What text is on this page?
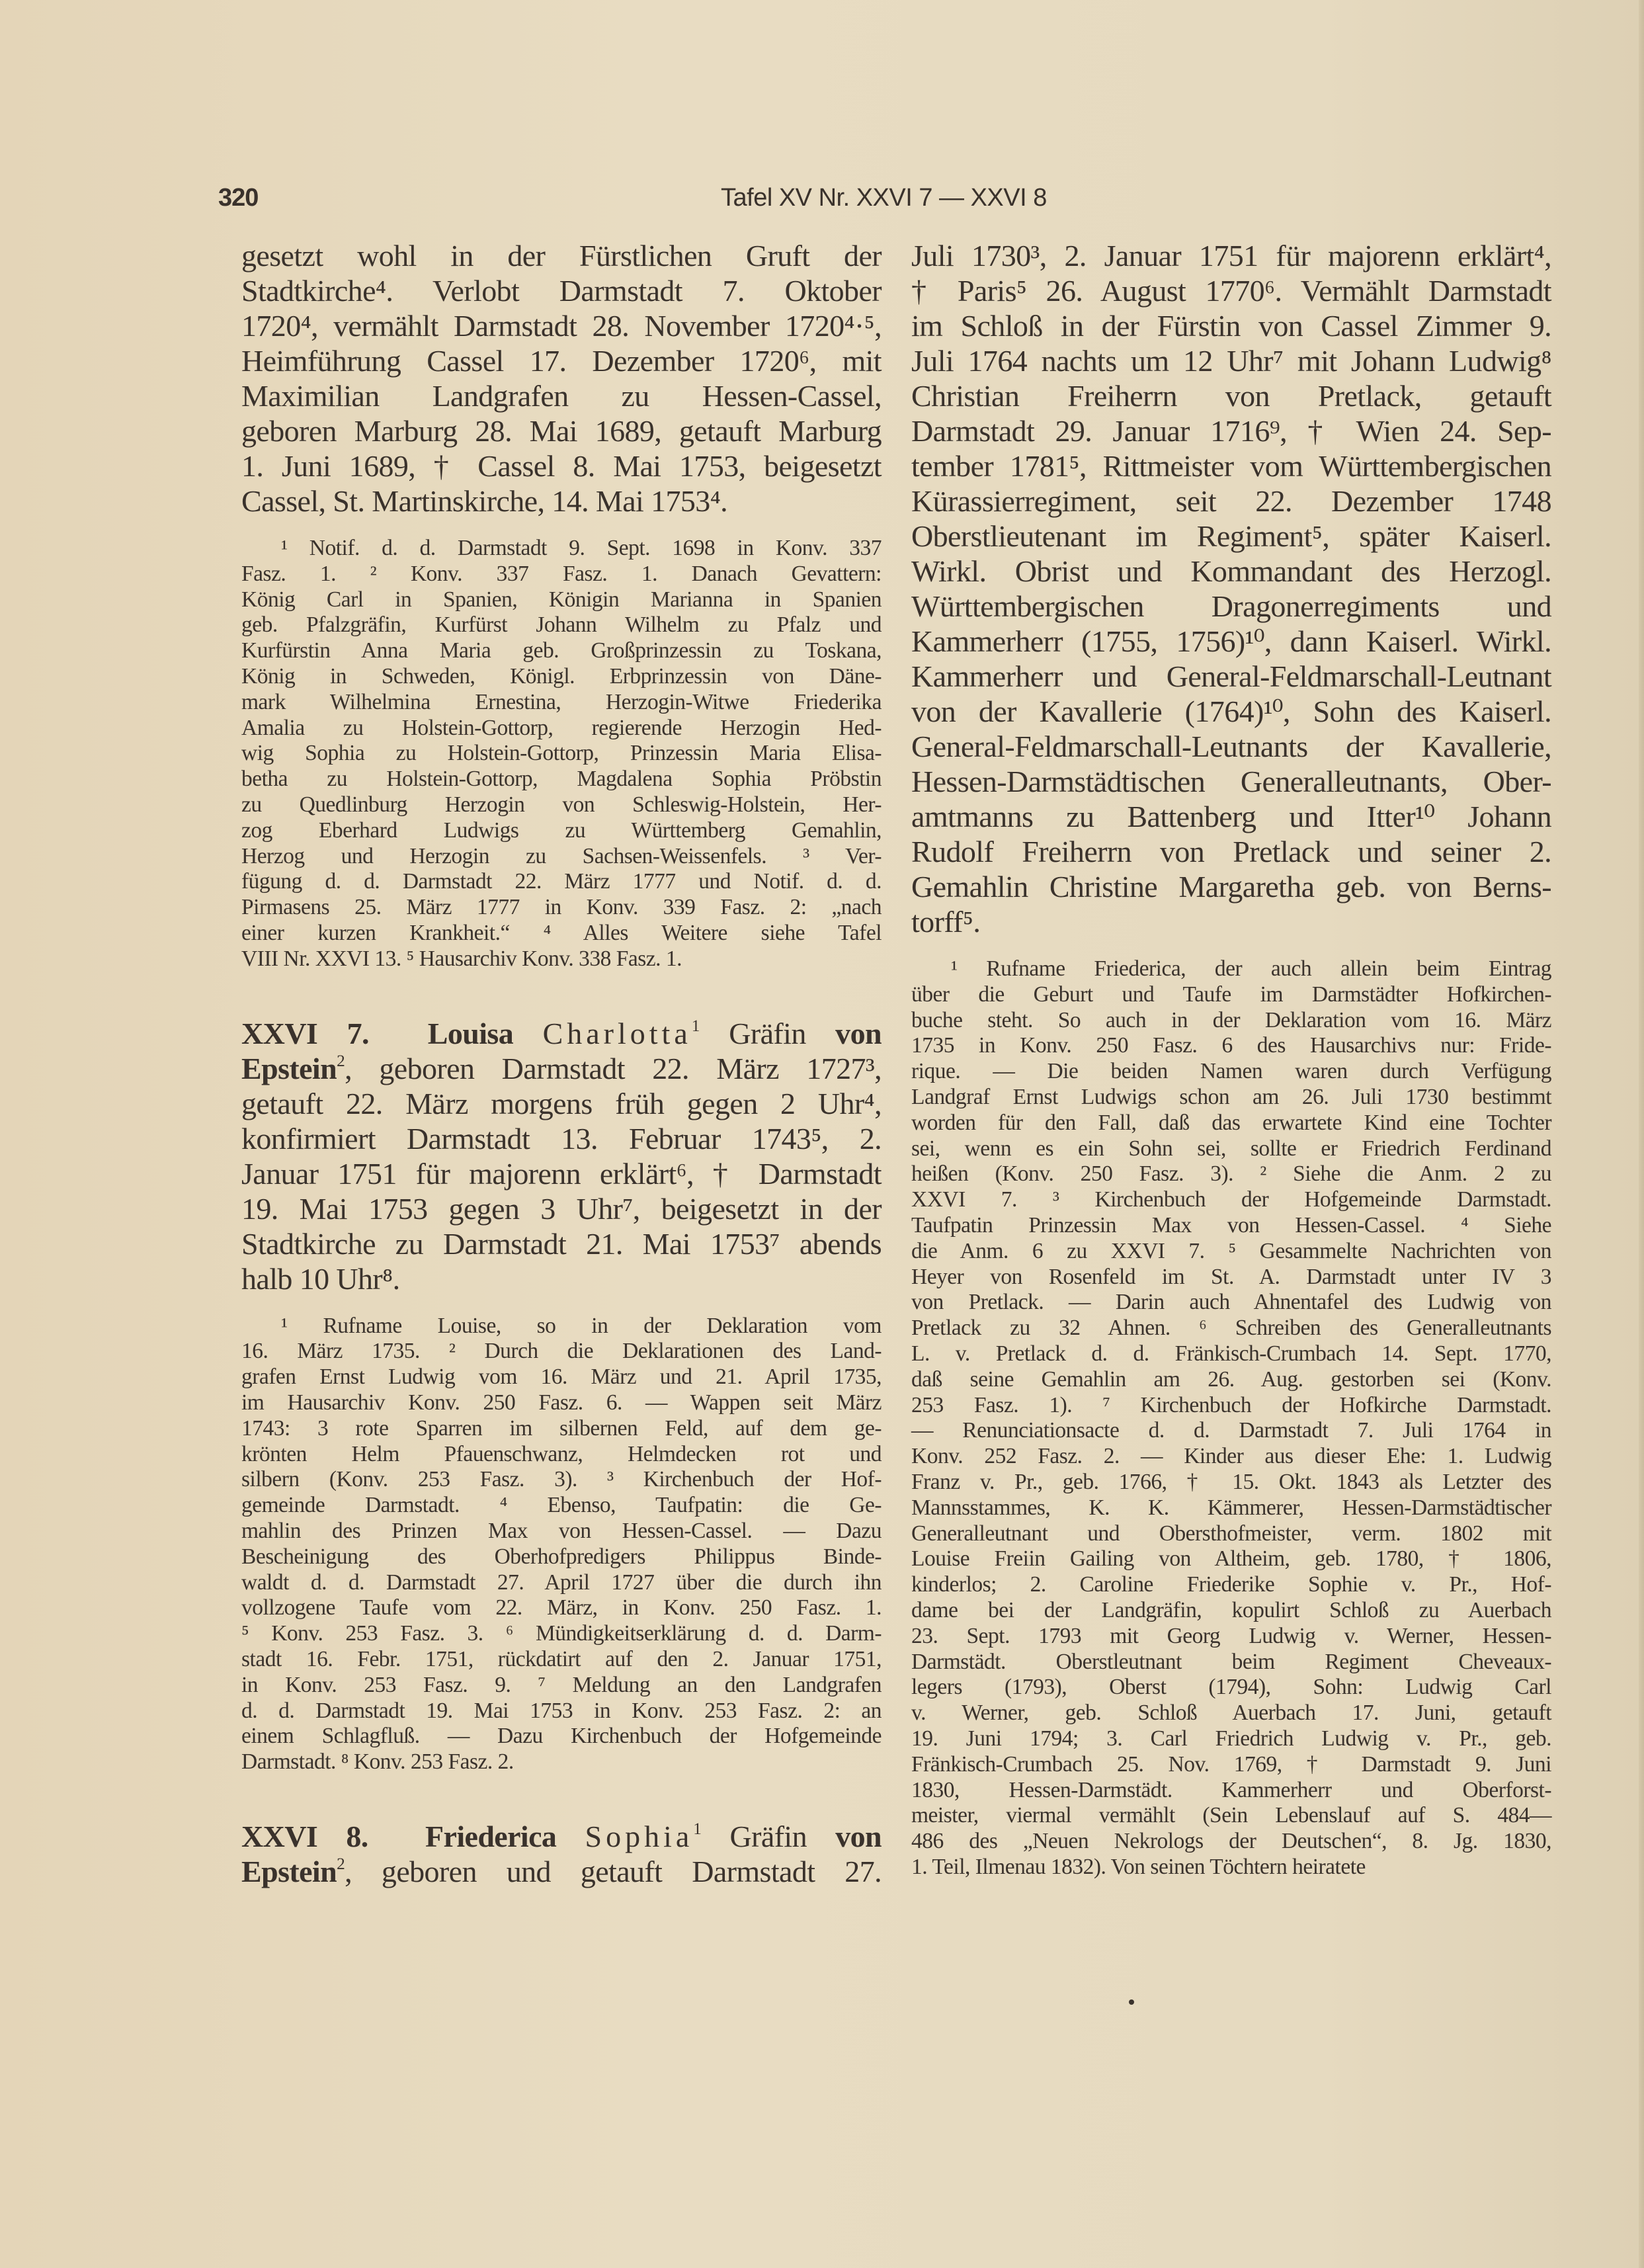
320	Tafel XV Nr. XXVI 7 — XXVI 8
gesetzt wohl in der Fürstlichen Gruft der
Stadtkirche⁴. Verlobt Darmstadt 7. Oktober
1720⁴, vermählt Darmstadt 28. November 1720⁴·⁵,
Heimführung Cassel 17. Dezember 1720⁶, mit
Maximilian Landgrafen zu Hessen-Cassel,
geboren Marburg 28. Mai 1689, getauft Marburg
1. Juni 1689, † Cassel 8. Mai 1753, beigesetzt
Cassel, St. Martinskirche, 14. Mai 1753⁴.
¹ Notif. d. d. Darmstadt 9. Sept. 1698 in Konv. 337
Fasz. 1. ² Konv. 337 Fasz. 1. Danach Gevattern:
König Carl in Spanien, Königin Marianna in Spanien
geb. Pfalzgräfin, Kurfürst Johann Wilhelm zu Pfalz und
Kurfürstin Anna Maria geb. Großprinzessin zu Toskana,
König in Schweden, Königl. Erbprinzessin von Däne-
mark Wilhelmina Ernestina, Herzogin-Witwe Friederika
Amalia zu Holstein-Gottorp, regierende Herzogin Hed-
wig Sophia zu Holstein-Gottorp, Prinzessin Maria Elisa-
betha zu Holstein-Gottorp, Magdalena Sophia Pröbstin
zu Quedlinburg Herzogin von Schleswig-Holstein, Her-
zog Eberhard Ludwigs zu Württemberg Gemahlin,
Herzog und Herzogin zu Sachsen-Weissenfels. ³ Ver-
fügung d. d. Darmstadt 22. März 1777 und Notif. d. d.
Pirmasens 25. März 1777 in Konv. 339 Fasz. 2: „nach
einer kurzen Krankheit.“ ⁴ Alles Weitere siehe Tafel
VIII Nr. XXVI 13. ⁵ Hausarchiv Konv. 338 Fasz. 1.
XXVI 7. Louisa Charlotta$^1$ Gräfin von
Epstein$^2$, geboren Darmstadt 22. März 1727³,
getauft 22. März morgens früh gegen 2 Uhr⁴,
konfirmiert Darmstadt 13. Februar 1743⁵, 2.
Januar 1751 für majorenn erklärt⁶, † Darmstadt
19. Mai 1753 gegen 3 Uhr⁷, beigesetzt in der
Stadtkirche zu Darmstadt 21. Mai 1753⁷ abends
halb 10 Uhr⁸.
¹ Rufname Louise, so in der Deklaration vom
16. März 1735. ² Durch die Deklarationen des Land-
grafen Ernst Ludwig vom 16. März und 21. April 1735,
im Hausarchiv Konv. 250 Fasz. 6. — Wappen seit März
1743: 3 rote Sparren im silbernen Feld, auf dem ge-
krönten Helm Pfauenschwanz, Helmdecken rot und
silbern (Konv. 253 Fasz. 3). ³ Kirchenbuch der Hof-
gemeinde Darmstadt. ⁴ Ebenso, Taufpatin: die Ge-
mahlin des Prinzen Max von Hessen-Cassel. — Dazu
Bescheinigung des Oberhofpredigers Philippus Binde-
waldt d. d. Darmstadt 27. April 1727 über die durch ihn
vollzogene Taufe vom 22. März, in Konv. 250 Fasz. 1.
⁵ Konv. 253 Fasz. 3. ⁶ Mündigkeitserklärung d. d. Darm-
stadt 16. Febr. 1751, rückdatirt auf den 2. Januar 1751,
in Konv. 253 Fasz. 9. ⁷ Meldung an den Landgrafen
d. d. Darmstadt 19. Mai 1753 in Konv. 253 Fasz. 2: an
einem Schlagfluß. — Dazu Kirchenbuch der Hofgemeinde
Darmstadt. ⁸ Konv. 253 Fasz. 2.
XXVI 8. Friederica Sophia$^1$ Gräfin von
Epstein$^2$, geboren und getauft Darmstadt 27.
Juli 1730³, 2. Januar 1751 für majorenn erklärt⁴,
† Paris⁵ 26. August 1770⁶. Vermählt Darmstadt
im Schloß in der Fürstin von Cassel Zimmer 9.
Juli 1764 nachts um 12 Uhr⁷ mit Johann Ludwig⁸
Christian Freiherrn von Pretlack, getauft
Darmstadt 29. Januar 1716⁹, † Wien 24. Sep-
tember 1781⁵, Rittmeister vom Württembergischen
Kürassierregiment, seit 22. Dezember 1748
Oberstlieutenant im Regiment⁵, später Kaiserl.
Wirkl. Obrist und Kommandant des Herzogl.
Württembergischen Dragonerregiments und
Kammerherr (1755, 1756)¹⁰, dann Kaiserl. Wirkl.
Kammerherr und General-Feldmarschall-Leutnant
von der Kavallerie (1764)¹⁰, Sohn des Kaiserl.
General-Feldmarschall-Leutnants der Kavallerie,
Hessen-Darmstädtischen Generalleutnants, Ober-
amtmanns zu Battenberg und Itter¹⁰ Johann
Rudolf Freiherrn von Pretlack und seiner 2.
Gemahlin Christine Margaretha geb. von Berns-
torff⁵.
¹ Rufname Friederica, der auch allein beim Eintrag
über die Geburt und Taufe im Darmstädter Hofkirchen-
buche steht. So auch in der Deklaration vom 16. März
1735 in Konv. 250 Fasz. 6 des Hausarchivs nur: Fride-
rique. — Die beiden Namen waren durch Verfügung
Landgraf Ernst Ludwigs schon am 26. Juli 1730 bestimmt
worden für den Fall, daß das erwartete Kind eine Tochter
sei, wenn es ein Sohn sei, sollte er Friedrich Ferdinand
heißen (Konv. 250 Fasz. 3). ² Siehe die Anm. 2 zu
XXVI 7. ³ Kirchenbuch der Hofgemeinde Darmstadt.
Taufpatin Prinzessin Max von Hessen-Cassel. ⁴ Siehe
die Anm. 6 zu XXVI 7. ⁵ Gesammelte Nachrichten von
Heyer von Rosenfeld im St. A. Darmstadt unter IV 3
von Pretlack. — Darin auch Ahnentafel des Ludwig von
Pretlack zu 32 Ahnen. ⁶ Schreiben des Generalleutnants
L. v. Pretlack d. d. Fränkisch-Crumbach 14. Sept. 1770,
daß seine Gemahlin am 26. Aug. gestorben sei (Konv.
253 Fasz. 1). ⁷ Kirchenbuch der Hofkirche Darmstadt.
— Renunciationsacte d. d. Darmstadt 7. Juli 1764 in
Konv. 252 Fasz. 2. — Kinder aus dieser Ehe: 1. Ludwig
Franz v. Pr., geb. 1766, † 15. Okt. 1843 als Letzter des
Mannsstammes, K. K. Kämmerer, Hessen-Darmstädtischer
Generalleutnant und Obersthofmeister, verm. 1802 mit
Louise Freiin Gailing von Altheim, geb. 1780, † 1806,
kinderlos; 2. Caroline Friederike Sophie v. Pr., Hof-
dame bei der Landgräfin, kopulirt Schloß zu Auerbach
23. Sept. 1793 mit Georg Ludwig v. Werner, Hessen-
Darmstädt. Oberstleutnant beim Regiment Cheveaux-
legers (1793), Oberst (1794), Sohn: Ludwig Carl
v. Werner, geb. Schloß Auerbach 17. Juni, getauft
19. Juni 1794; 3. Carl Friedrich Ludwig v. Pr., geb.
Fränkisch-Crumbach 25. Nov. 1769, † Darmstadt 9. Juni
1830, Hessen-Darmstädt. Kammerherr und Oberforst-
meister, viermal vermählt (Sein Lebenslauf auf S. 484—
486 des „Neuen Nekrologs der Deutschen“, 8. Jg. 1830,
1. Teil, Ilmenau 1832). Von seinen Töchtern heiratete
